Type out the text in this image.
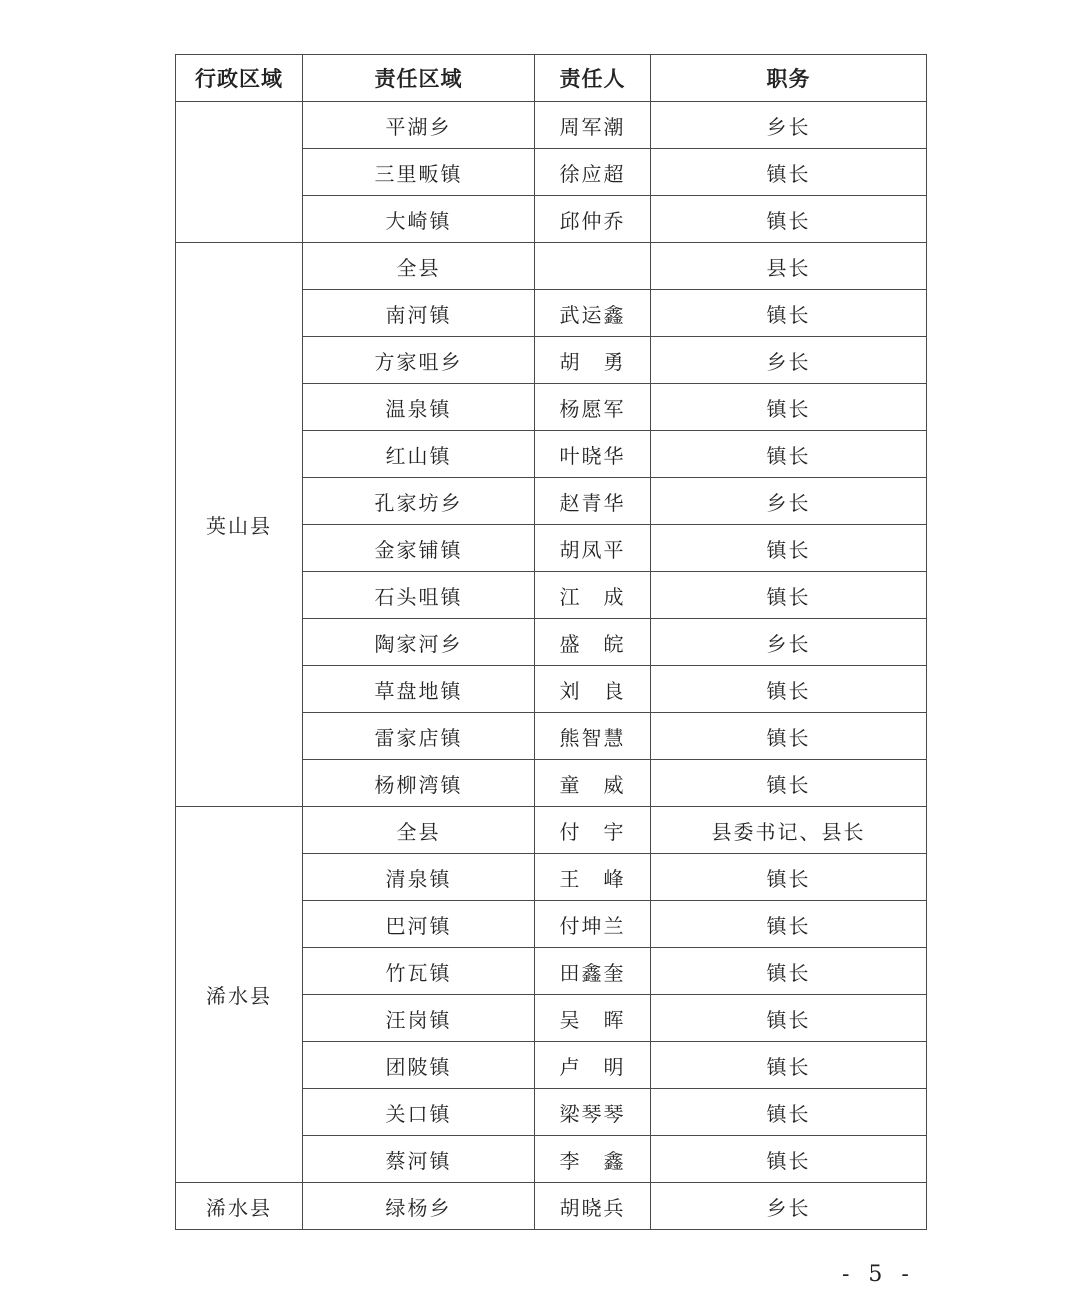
行政区域	责任区域	责任人	职务
	平湖乡	周军潮	乡长
	三里畈镇	徐应超	镇长
	大崎镇	邱仲乔	镇长
英山县	全县		县长
	南河镇	武运鑫	镇长
	方家咀乡	胡　勇	乡长
	温泉镇	杨愿军	镇长
	红山镇	叶晓华	镇长
	孔家坊乡	赵青华	乡长
	金家铺镇	胡凤平	镇长
	石头咀镇	江　成	镇长
	陶家河乡	盛　皖	乡长
	草盘地镇	刘　良	镇长
	雷家店镇	熊智慧	镇长
	杨柳湾镇	童　威	镇长
浠水县	全县	付　宇	县委书记、县长
	清泉镇	王　峰	镇长
	巴河镇	付坤兰	镇长
	竹瓦镇	田鑫奎	镇长
	汪岗镇	吴　晖	镇长
	团陂镇	卢　明	镇长
	关口镇	梁琴琴	镇长
	蔡河镇	李　鑫	镇长
浠水县	绿杨乡	胡晓兵	乡长
- 5 -
